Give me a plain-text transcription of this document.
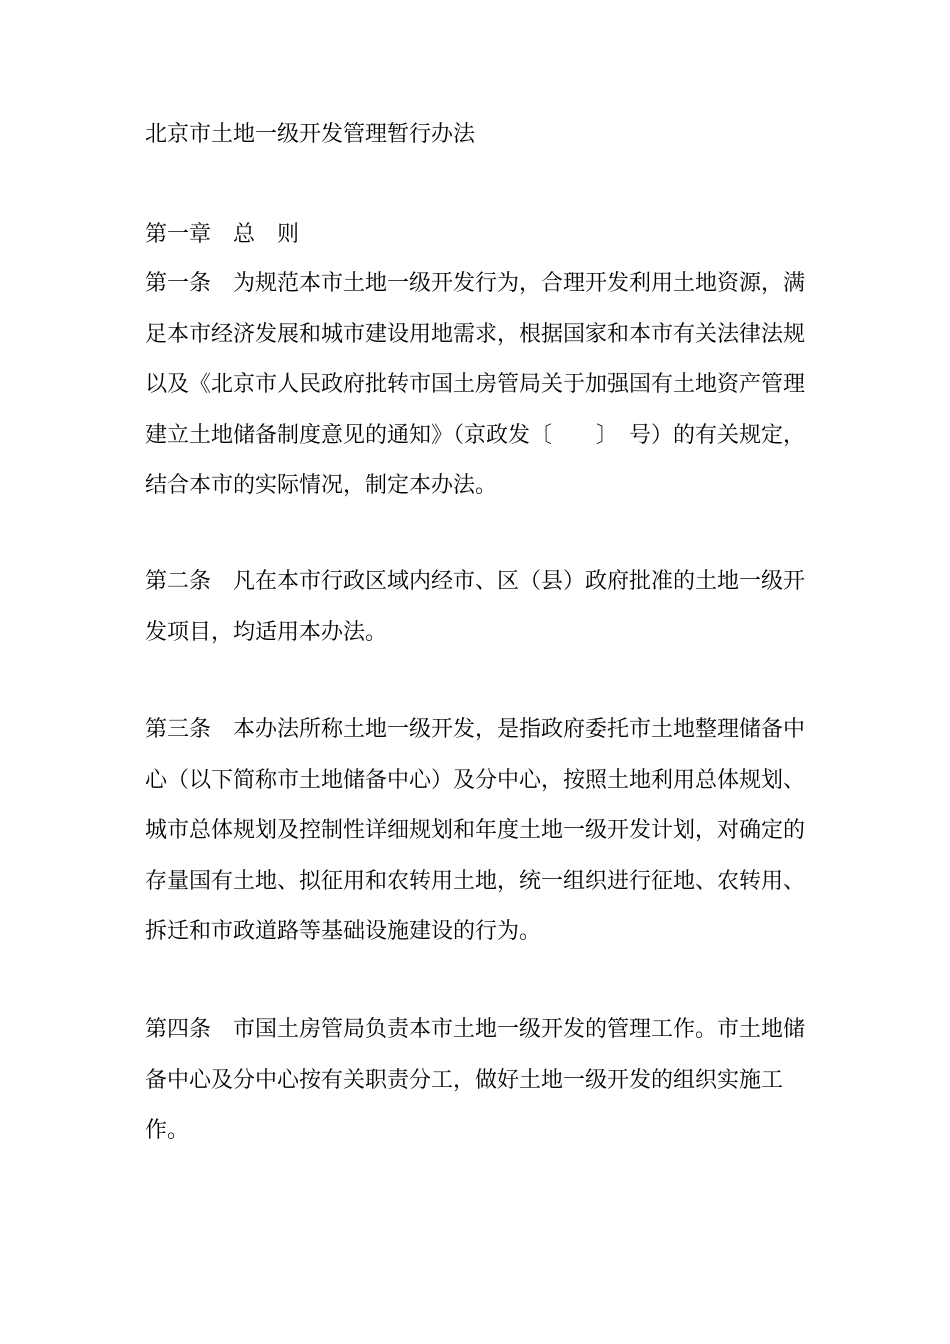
北京市土地一级开发管理暂行办法
第一章 总 则
第一条 为规范本市土地一级开发行为，合理开发利用土地资源，满
足本市经济发展和城市建设用地需求，根据国家和本市有关法律法规
以及《北京市人民政府批转市国土房管局关于加强国有土地资产管理
建立土地储备制度意见的通知》（京政发〔　　〕　号）的有关规定，
结合本市的实际情况，制定本办法。
第二条 凡在本市行政区域内经市、区（县）政府批准的土地一级开
发项目，均适用本办法。
第三条 本办法所称土地一级开发，是指政府委托市土地整理储备中
心（以下简称市土地储备中心）及分中心，按照土地利用总体规划、
城市总体规划及控制性详细规划和年度土地一级开发计划，对确定的
存量国有土地、拟征用和农转用土地，统一组织进行征地、农转用、
拆迁和市政道路等基础设施建设的行为。
第四条 市国土房管局负责本市土地一级开发的管理工作。市土地储
备中心及分中心按有关职责分工，做好土地一级开发的组织实施工
作。
